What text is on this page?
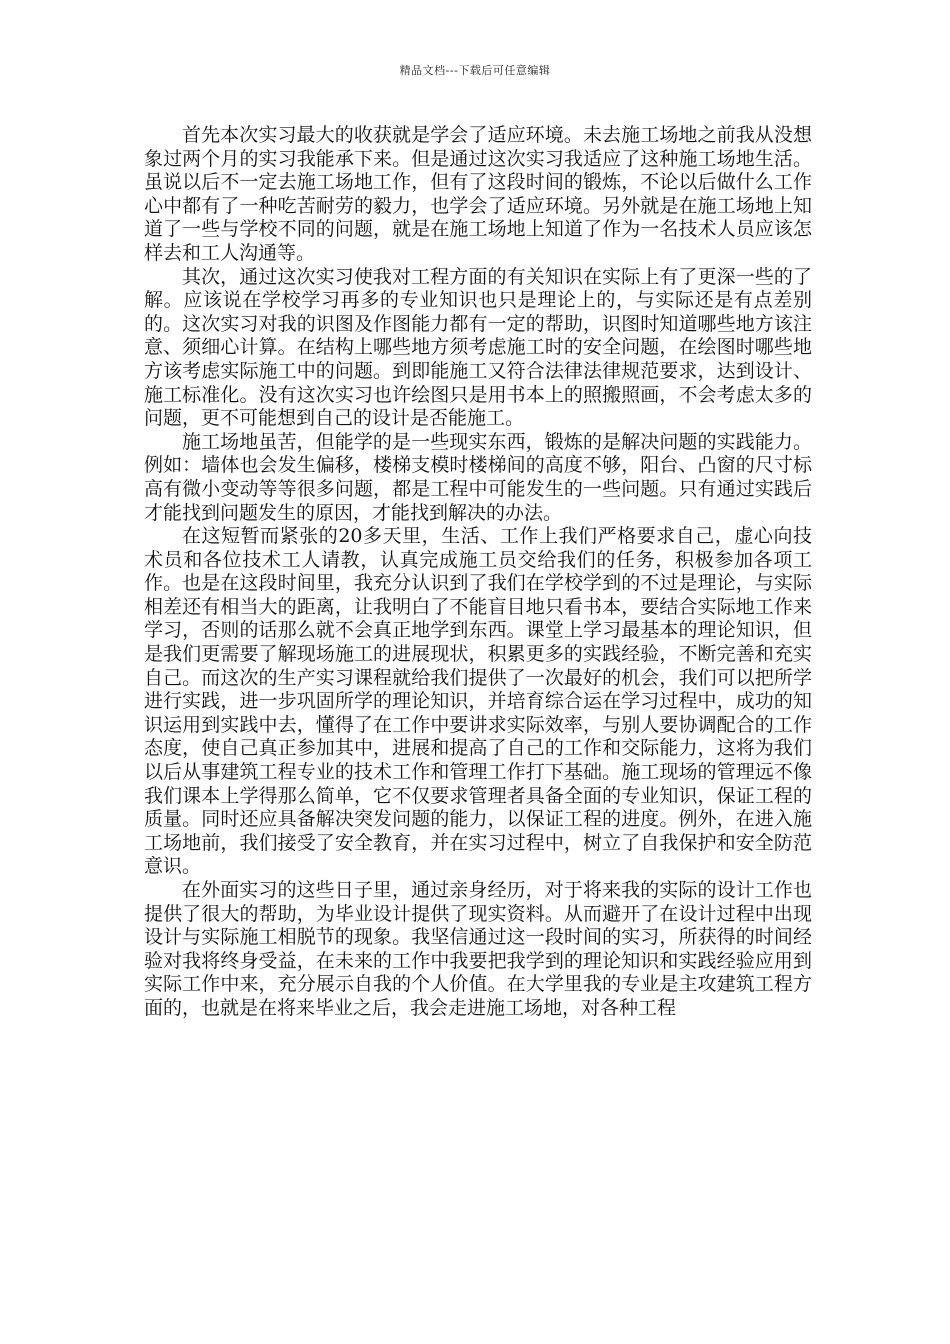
精品文档---下载后可任意编辑

首先本次实习最大的收获就是学会了适应环境。未去施工场地之前我从没想象过两个月的实习我能承下来。但是通过这次实习我适应了这种施工场地生活。虽说以后不一定去施工场地工作，但有了这段时间的锻炼，不论以后做什么工作心中都有了一种吃苦耐劳的毅力，也学会了适应环境。另外就是在施工场地上知道了一些与学校不同的问题，就是在施工场地上知道了作为一名技术人员应该怎样去和工人沟通等。

其次，通过这次实习使我对工程方面的有关知识在实际上有了更深一些的了解。应该说在学校学习再多的专业知识也只是理论上的，与实际还是有点差别的。这次实习对我的识图及作图能力都有一定的帮助，识图时知道哪些地方该注意、须细心计算。在结构上哪些地方须考虑施工时的安全问题，在绘图时哪些地方该考虑实际施工中的问题。到即能施工又符合法律法律规范要求，达到设计、施工标准化。没有这次实习也许绘图只是用书本上的照搬照画，不会考虑太多的问题，更不可能想到自己的设计是否能施工。

施工场地虽苦，但能学的是一些现实东西，锻炼的是解决问题的实践能力。例如：墙体也会发生偏移，楼梯支模时楼梯间的高度不够，阳台、凸窗的尺寸标高有微小变动等等很多问题，都是工程中可能发生的一些问题。只有通过实践后才能找到问题发生的原因，才能找到解决的办法。

在这短暂而紧张的20多天里，生活、工作上我们严格要求自己，虚心向技术员和各位技术工人请教，认真完成施工员交给我们的任务，积极参加各项工作。也是在这段时间里，我充分认识到了我们在学校学到的不过是理论，与实际相差还有相当大的距离，让我明白了不能盲目地只看书本，要结合实际地工作来学习，否则的话那么就不会真正地学到东西。课堂上学习最基本的理论知识，但是我们更需要了解现场施工的进展现状，积累更多的实践经验，不断完善和充实自己。而这次的生产实习课程就给我们提供了一次最好的机会，我们可以把所学进行实践，进一步巩固所学的理论知识，并培育综合运在学习过程中，成功的知识运用到实践中去，懂得了在工作中要讲求实际效率，与别人要协调配合的工作态度，使自己真正参加其中，进展和提高了自己的工作和交际能力，这将为我们以后从事建筑工程专业的技术工作和管理工作打下基础。施工现场的管理远不像我们课本上学得那么简单，它不仅要求管理者具备全面的专业知识，保证工程的质量。同时还应具备解决突发问题的能力，以保证工程的进度。例外，在进入施工场地前，我们接受了安全教育，并在实习过程中，树立了自我保护和安全防范意识。

在外面实习的这些日子里，通过亲身经历，对于将来我的实际的设计工作也提供了很大的帮助，为毕业设计提供了现实资料。从而避开了在设计过程中出现设计与实际施工相脱节的现象。我坚信通过这一段时间的实习，所获得的时间经验对我将终身受益，在未来的工作中我要把我学到的理论知识和实践经验应用到实际工作中来，充分展示自我的个人价值。在大学里我的专业是主攻建筑工程方面的，也就是在将来毕业之后，我会走进施工场地，对各种工程
